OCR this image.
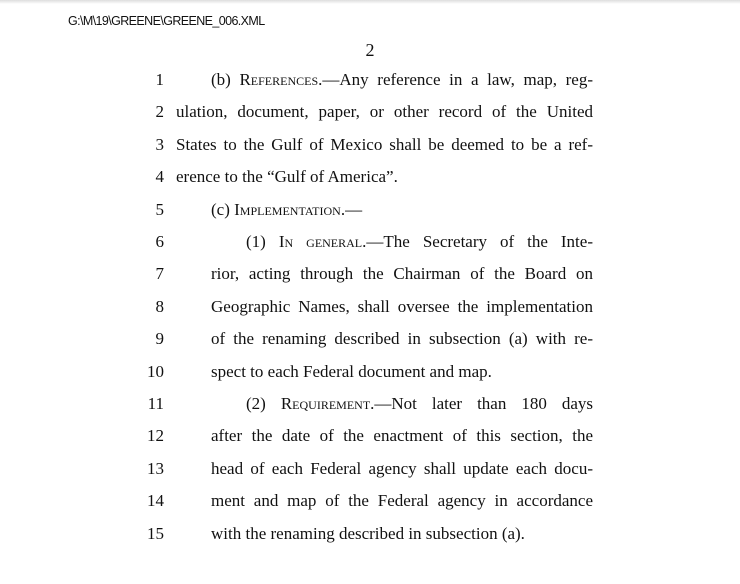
G:\M\19\GREENE\GREENE_006.XML
2
1	(b) References.—Any reference in a law, map, reg-
2 ulation, document, paper, or other record of the United
3 States to the Gulf of Mexico shall be deemed to be a ref-
4 erence to the “Gulf of America”.
5	(c) Implementation.—
6	(1) In general.—The Secretary of the Inte-
7	rior, acting through the Chairman of the Board on
8	Geographic Names, shall oversee the implementation
9	of the renaming described in subsection (a) with re-
10	spect to each Federal document and map.
11	(2) Requirement.—Not later than 180 days
12	after the date of the enactment of this section, the
13	head of each Federal agency shall update each docu-
14	ment and map of the Federal agency in accordance
15	with the renaming described in subsection (a).
